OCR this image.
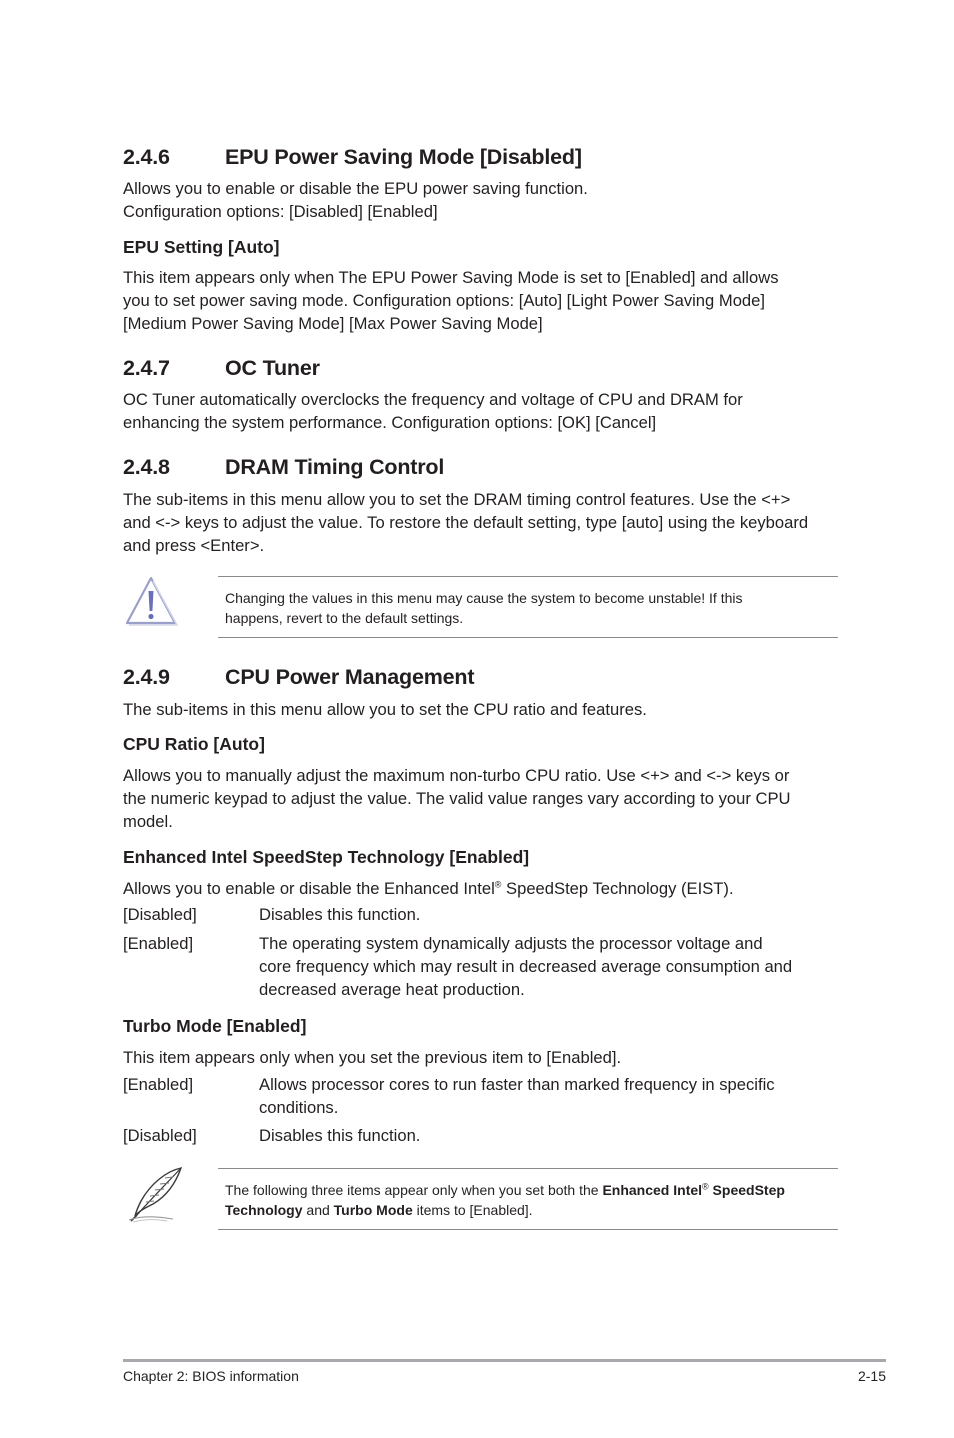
2.4.6	EPU Power Saving Mode [Disabled]
Allows you to enable or disable the EPU power saving function.
Configuration options: [Disabled] [Enabled]
EPU Setting [Auto]
This item appears only when The EPU Power Saving Mode is set to [Enabled] and allows
you to set power saving mode. Configuration options: [Auto] [Light Power Saving Mode]
[Medium Power Saving Mode] [Max Power Saving Mode]
2.4.7	OC Tuner
OC Tuner automatically overclocks the frequency and voltage of CPU and DRAM for
enhancing the system performance. Configuration options: [OK] [Cancel]
2.4.8	DRAM Timing Control
The sub-items in this menu allow you to set the DRAM timing control features. Use the <+>
and <-> keys to adjust the value. To restore the default setting, type [auto] using the keyboard
and press <Enter>.
Changing the values in this menu may cause the system to become unstable! If this
happens, revert to the default settings.
2.4.9	CPU Power Management
The sub-items in this menu allow you to set the CPU ratio and features.
CPU Ratio [Auto]
Allows you to manually adjust the maximum non-turbo CPU ratio. Use <+> and <-> keys or
the numeric keypad to adjust the value. The valid value ranges vary according to your CPU
model.
Enhanced Intel SpeedStep Technology [Enabled]
Allows you to enable or disable the Enhanced Intel® SpeedStep Technology (EIST).
[Disabled]	Disables this function.
[Enabled]	The operating system dynamically adjusts the processor voltage and
core frequency which may result in decreased average consumption and
decreased average heat production.
Turbo Mode [Enabled]
This item appears only when you set the previous item to [Enabled].
[Enabled]	Allows processor cores to run faster than marked frequency in specific
conditions.
[Disabled]	Disables this function.
The following three items appear only when you set both the Enhanced Intel® SpeedStep
Technology and Turbo Mode items to [Enabled].
Chapter 2: BIOS information	2-15
